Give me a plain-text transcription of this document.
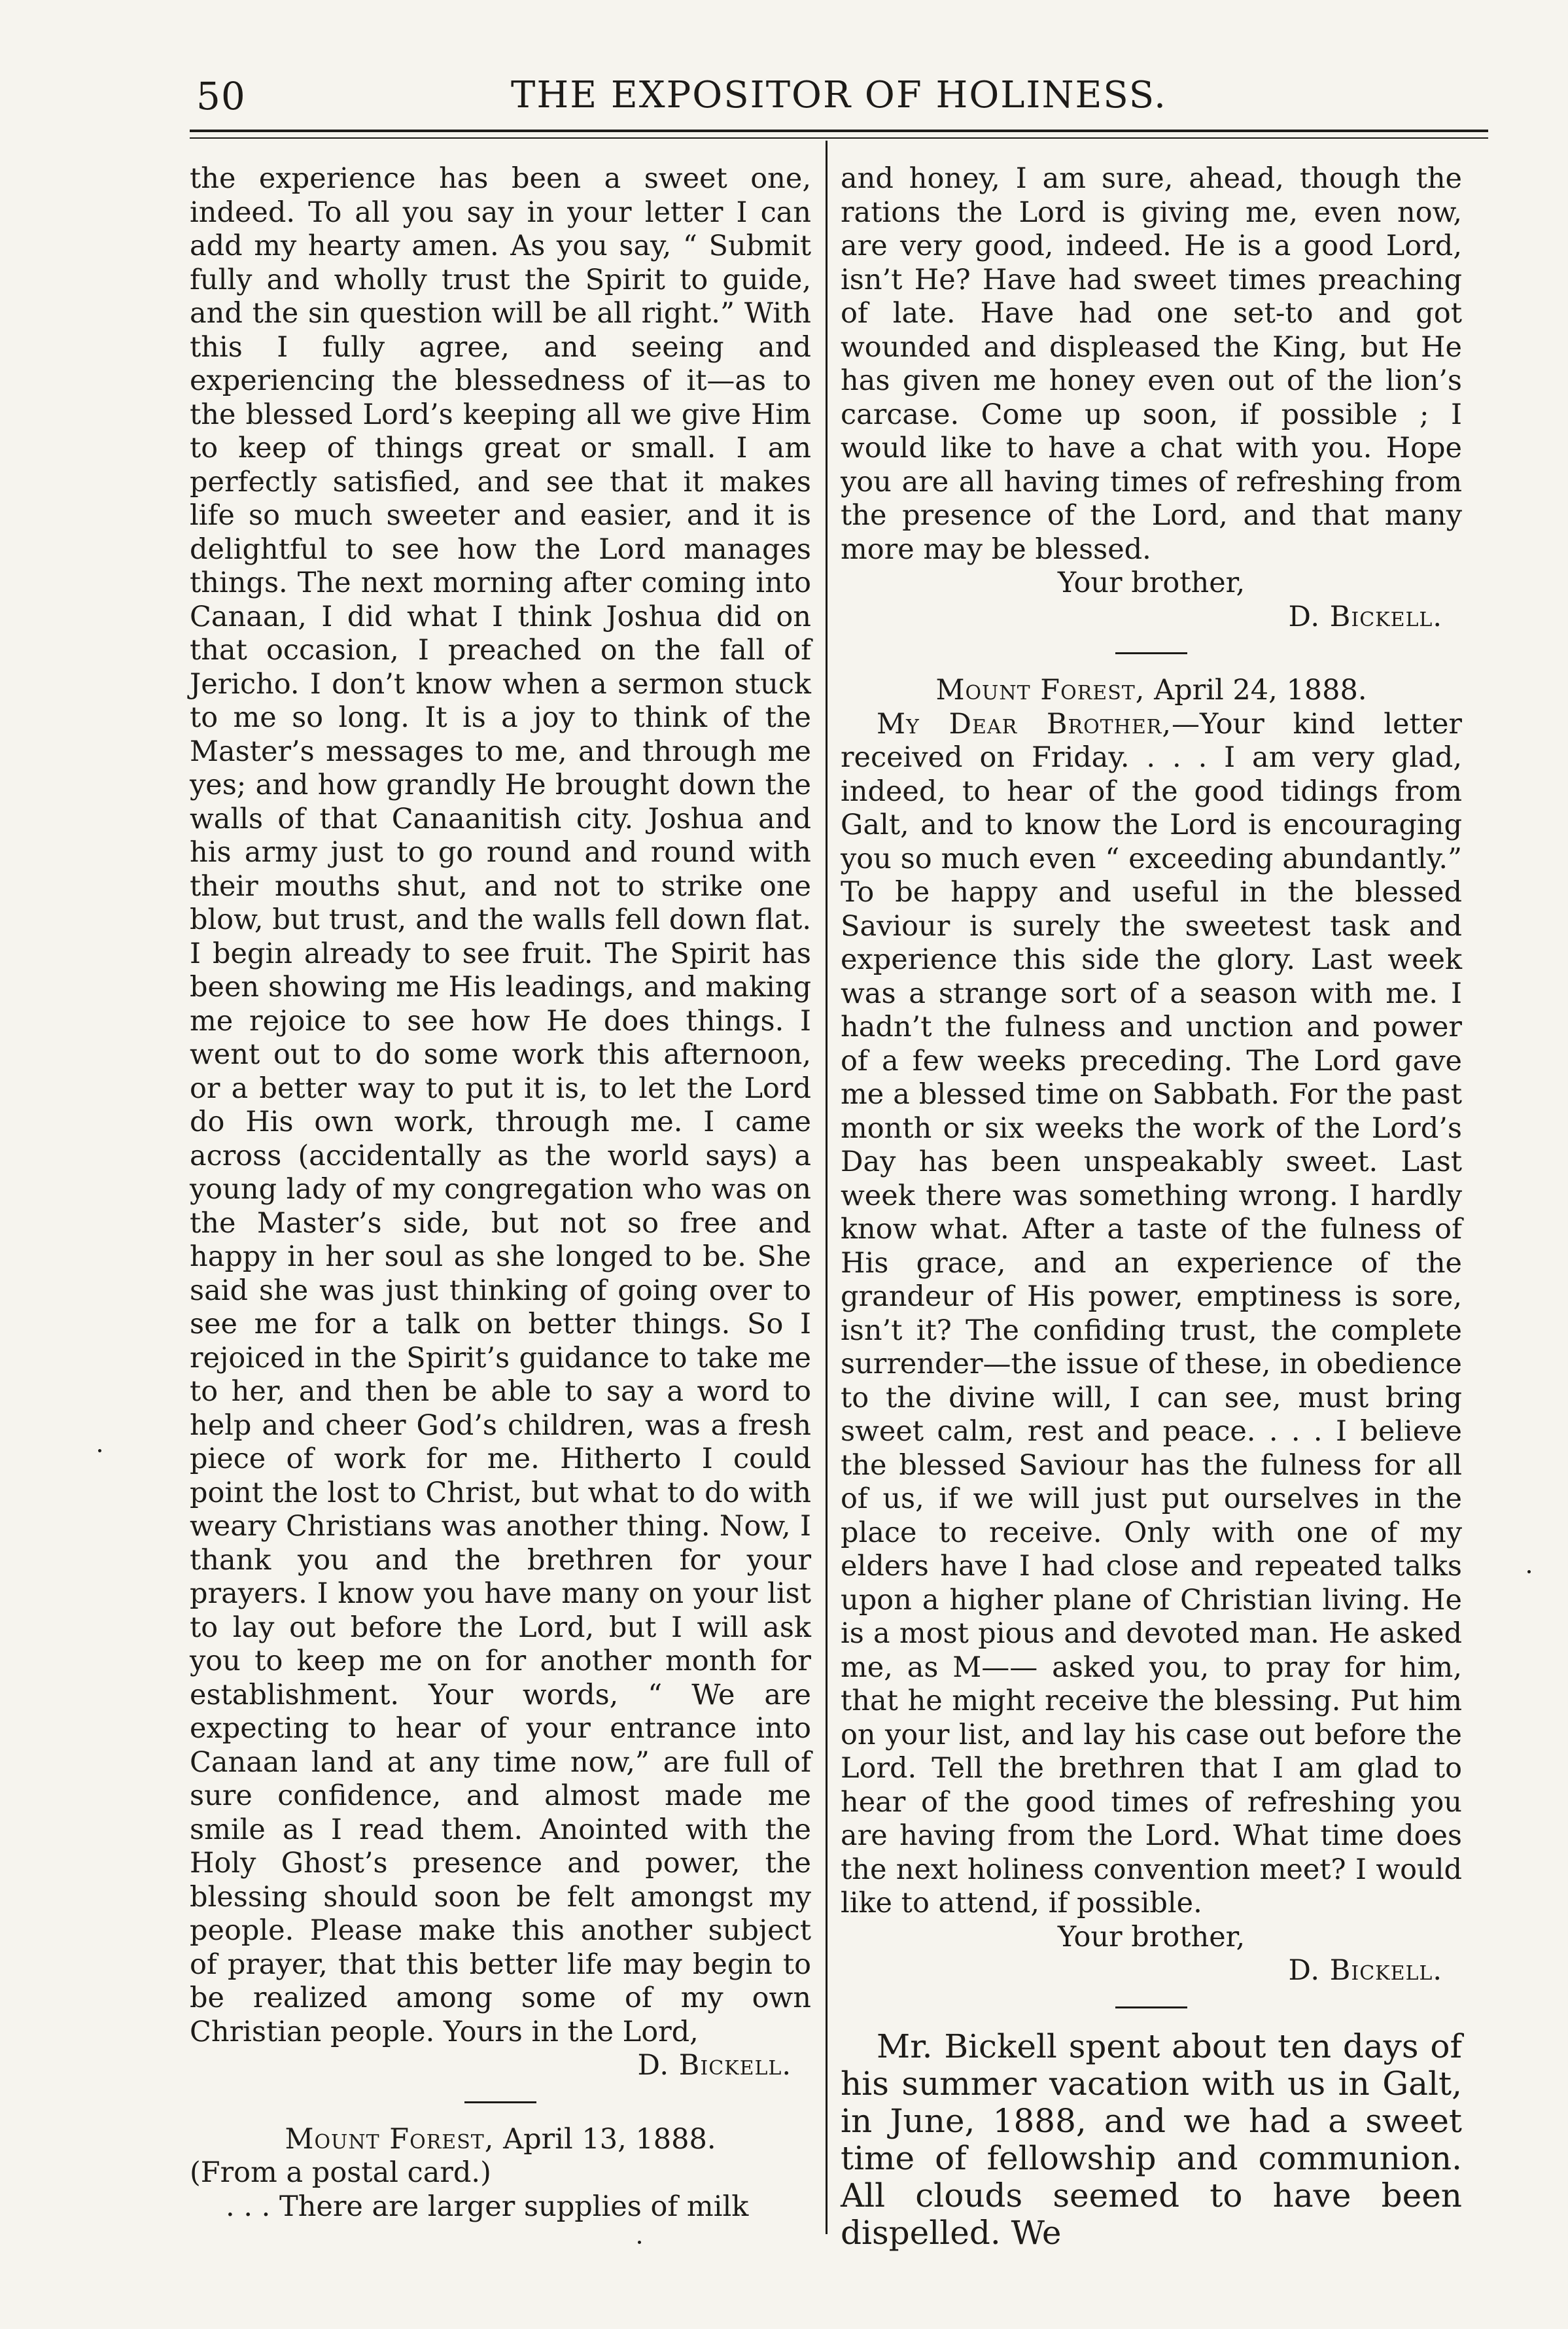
50	THE EXPOSITOR OF HOLINESS.

the experience has been a sweet one, indeed. To all you say in your letter I can add my hearty amen. As you say, “ Submit fully and wholly trust the Spirit to guide, and the sin question will be all right.” With this I fully agree, and seeing and experiencing the blessedness of it—as to the blessed Lord’s keeping all we give Him to keep of things great or small. I am perfectly satisfied, and see that it makes life so much sweeter and easier, and it is delightful to see how the Lord manages things. The next morning after coming into Canaan, I did what I think Joshua did on that occasion, I preached on the fall of Jericho. I don’t know when a sermon stuck to me so long. It is a joy to think of the Master’s messages to me, and through me yes; and how grandly He brought down the walls of that Canaanitish city. Joshua and his army just to go round and round with their mouths shut, and not to strike one blow, but trust, and the walls fell down flat. I begin already to see fruit. The Spirit has been showing me His leadings, and making me rejoice to see how He does things. I went out to do some work this afternoon, or a better way to put it is, to let the Lord do His own work, through me. I came across (accidentally as the world says) a young lady of my congregation who was on the Master’s side, but not so free and happy in her soul as she longed to be. She said she was just thinking of going over to see me for a talk on better things. So I rejoiced in the Spirit’s guidance to take me to her, and then be able to say a word to help and cheer God’s children, was a fresh piece of work for me. Hitherto I could point the lost to Christ, but what to do with weary Christians was another thing. Now, I thank you and the brethren for your prayers. I know you have many on your list to lay out before the Lord, but I will ask you to keep me on for another month for establishment. Your words, “ We are expecting to hear of your entrance into Canaan land at any time now,” are full of sure confidence, and almost made me smile as I read them. Anointed with the Holy Ghost’s presence and power, the blessing should soon be felt amongst my people. Please make this another subject of prayer, that this better life may begin to be realized among some of my own Christian people. Yours in the Lord,

D. Bickell.

Mount Forest, April 13, 1888.

(From a postal card.)

. . . There are larger supplies of milk

and honey, I am sure, ahead, though the rations the Lord is giving me, even now, are very good, indeed. He is a good Lord, isn’t He? Have had sweet times preaching of late. Have had one set-to and got wounded and displeased the King, but He has given me honey even out of the lion’s carcase. Come up soon, if possible ; I would like to have a chat with you. Hope you are all having times of refreshing from the presence of the Lord, and that many more may be blessed.

Your brother,

D. Bickell.

Mount Forest, April 24, 1888.

My Dear Brother,—Your kind letter received on Friday. . . . I am very glad, indeed, to hear of the good tidings from Galt, and to know the Lord is encouraging you so much even “ exceeding abundantly.” To be happy and useful in the blessed Saviour is surely the sweetest task and experience this side the glory. Last week was a strange sort of a season with me. I hadn’t the fulness and unction and power of a few weeks preceding. The Lord gave me a blessed time on Sabbath. For the past month or six weeks the work of the Lord’s Day has been unspeakably sweet. Last week there was something wrong. I hardly know what. After a taste of the fulness of His grace, and an experience of the grandeur of His power, emptiness is sore, isn’t it? The confiding trust, the complete surrender—the issue of these, in obedience to the divine will, I can see, must bring sweet calm, rest and peace. . . . I believe the blessed Saviour has the fulness for all of us, if we will just put ourselves in the place to receive. Only with one of my elders have I had close and repeated talks upon a higher plane of Christian living. He is a most pious and devoted man. He asked me, as M—— asked you, to pray for him, that he might receive the blessing. Put him on your list, and lay his case out before the Lord. Tell the brethren that I am glad to hear of the good times of refreshing you are having from the Lord. What time does the next holiness convention meet? I would like to attend, if possible.

Your brother,

D. Bickell.

Mr. Bickell spent about ten days of his summer vacation with us in Galt, in June, 1888, and we had a sweet time of fellowship and communion. All clouds seemed to have been dispelled. We
